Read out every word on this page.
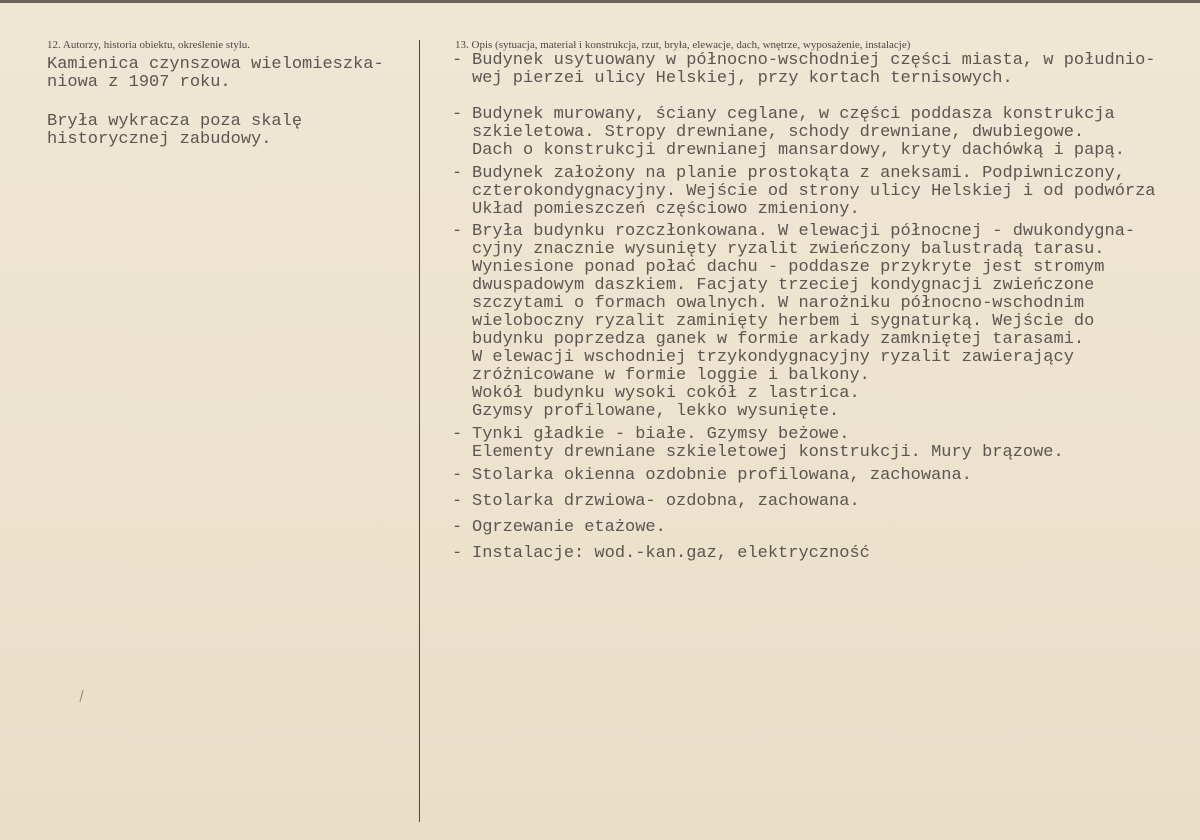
12. Autorzy, historia obiektu, określenie stylu.
Kamienica czynszowa wielomieszka-
niowa z 1907 roku.
Bryła wykracza poza skalę
historycznej zabudowy.
13. Opis (sytuacja, materiał i konstrukcja, rzut, bryła, elewacje, dach, wnętrze, wyposażenie, instalacje)
- Budynek usytuowany w północno-wschodniej części miasta, w południo-
wej pierzei ulicy Helskiej, przy kortach ternisowych.
- Budynek murowany, ściany ceglane, w części poddasza konstrukcja
szkieletowa. Stropy drewniane, schody drewniane, dwubiegowe.
Dach o konstrukcji drewnianej mansardowy, kryty dachówką i papą.
- Budynek założony na planie prostokąta z aneksami. Podpiwniczony,
czterokondygnacyjny. Wejście od strony ulicy Helskiej i od podwórza
Układ pomieszczeń częściowo zmieniony.
- Bryła budynku rozczłonkowana. W elewacji północnej - dwukondygna-
cyjny znacznie wysunięty ryzalit zwieńczony balustradą tarasu.
Wyniesione ponad połać dachu - poddasze przykryte jest stromym
dwuspadowym daszkiem. Facjaty trzeciej kondygnacji zwieńczone
szczytami o formach owalnych. W narożniku północno-wschodnim
wieloboczny ryzalit zaminięty herbem i sygnaturką. Wejście do
budynku poprzedza ganek w formie arkady zamkniętej tarasami.
W elewacji wschodniej trzykondygnacyjny ryzalit zawierający
zróżnicowane w formie loggie i balkony.
Wokół budynku wysoki cokół z lastrica.
Gzymsy profilowane, lekko wysunięte.
- Tynki gładkie - białe. Gzymsy beżowe.
Elementy drewniane szkieletowej konstrukcji. Mury brązowe.
- Stolarka okienna ozdobnie profilowana, zachowana.
- Stolarka drzwiowa- ozdobna, zachowana.
- Ogrzewanie etażowe.
- Instalacje: wod.-kan.gaz, elektryczność
